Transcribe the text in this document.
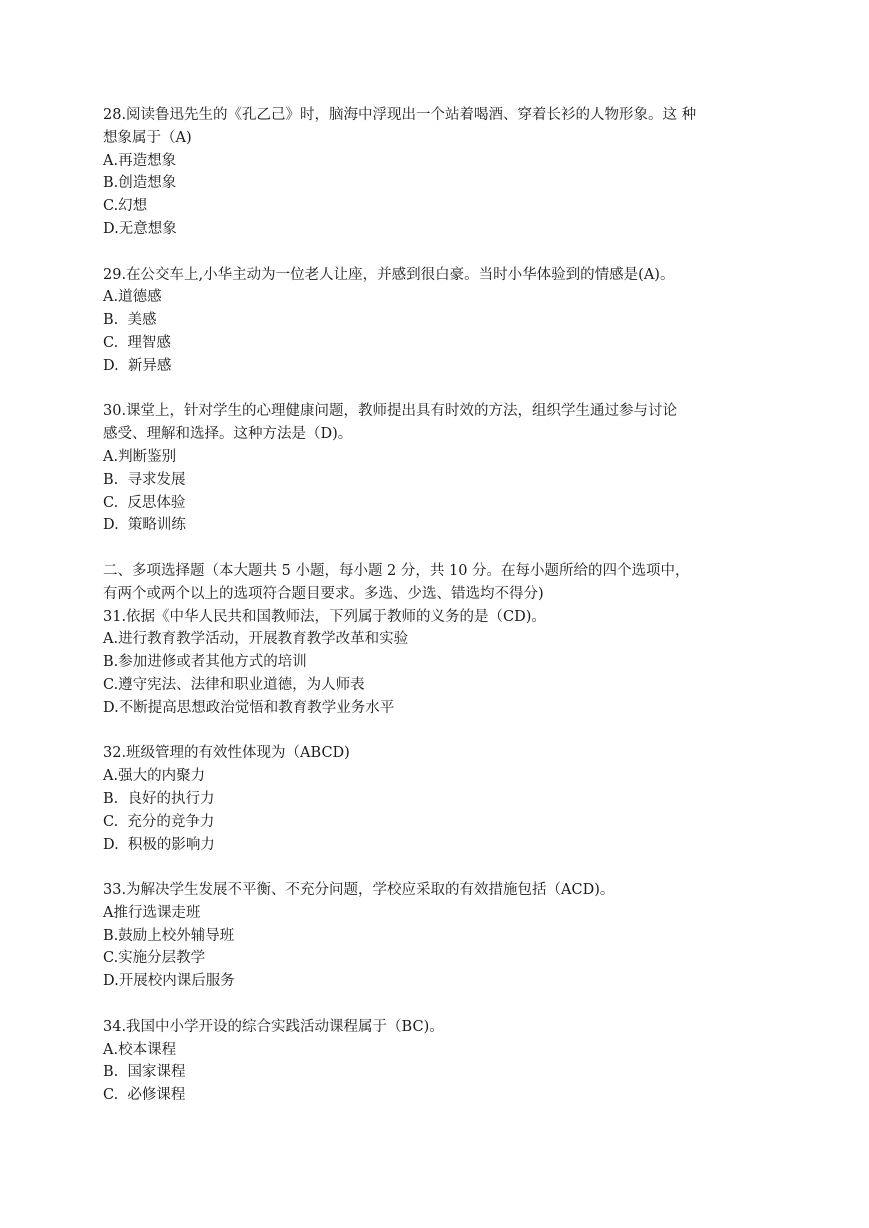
28.阅读鲁迅先生的《孔乙己》时，脑海中浮现出一个站着喝酒、穿着长衫的人物形象。这 种
想象属于（A)
A.再造想象
B.创造想象
C.幻想
D.无意想象
29.在公交车上,小华主动为一位老人让座，并感到很白豪。当时小华体验到的情感是(A)。
A.道德感
B.  美感
C.  理智感
D.  新异感
30.课堂上，针对学生的心理健康问题，教师提出具有时效的方法，组织学生通过参与讨论
感受、理解和选择。这种方法是（D)。
A.判断鉴别
B.  寻求发展
C.  反思体验
D.  策略训练
二、多项选择题（本大题共 5 小题，每小题 2 分，共 10 分。在每小题所给的四个选项中，
有两个或两个以上的选项符合题目要求。多选、少选、错选均不得分)
31.依据《中华人民共和国教师法，下列属于教师的义务的是（CD)。
A.进行教育教学活动，开展教育教学改革和实验
B.参加进修或者其他方式的培训
C.遵守宪法、法律和职业道德，为人师表
D.不断提高思想政治觉悟和教育教学业务水平
32.班级管理的有效性体现为（ABCD)
A.强大的内聚力
B.  良好的执行力
C.  充分的竞争力
D.  积极的影响力
33.为解决学生发展不平衡、不充分问题，学校应采取的有效措施包括（ACD)。
A推行选课走班
B.鼓励上校外辅导班
C.实施分层教学
D.开展校内课后服务
34.我国中小学开设的综合实践活动课程属于（BC)。
A.校本课程
B.  国家课程
C.  必修课程
